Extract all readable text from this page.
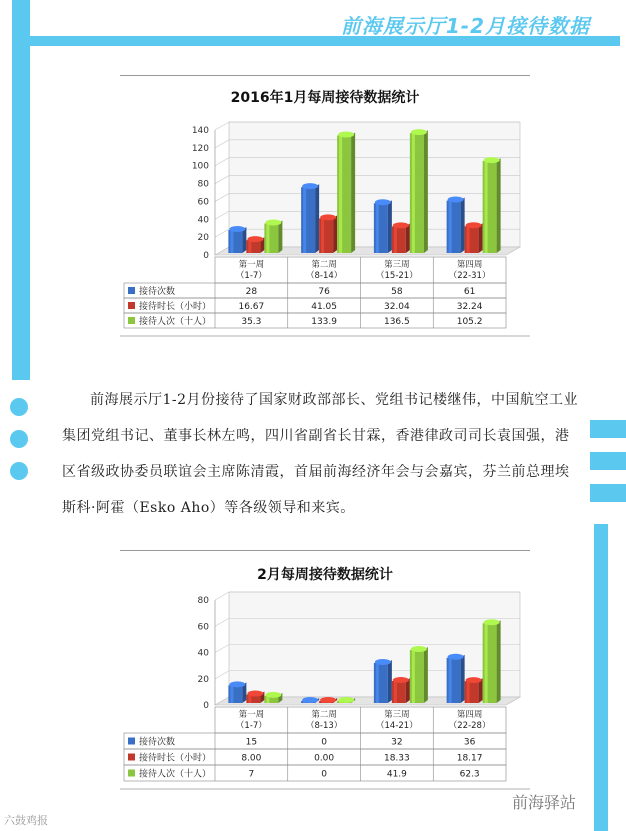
前海展示厅1-2月接待数据
2016年1月每周接待数据统计
0
20
40
60
80
100
120
140
第一周
（1-7）
第二周
（8-14）
第三周
（15-21）
第四周
（22-31）
接待次数	28	76	58	61
接待时长（小时）	16.67	41.05	32.04	32.24
接待人次（十人）	35.3	133.9	136.5	105.2
前海展示厅1-2月份接待了国家财政部部长、党组书记楼继伟，中国航空工业集团党组书记、董事长林左鸣，四川省副省长甘霖，香港律政司司长袁国强，港区省级政协委员联谊会主席陈清霞，首届前海经济年会与会嘉宾，芬兰前总理埃斯科·阿霍（Esko Aho）等各级领导和来宾。
2月每周接待数据统计
0
20
40
60
80
第一周
（1-7）
第二周
（8-13）
第三周
（14-21）
第四周
（22-28）
接待次数	15	0	32	36
接待时长（小时）	8.00	0.00	18.33	18.17
接待人次（十人）	7	0	41.9	62.3
六鼓鸡报
前海驿站
